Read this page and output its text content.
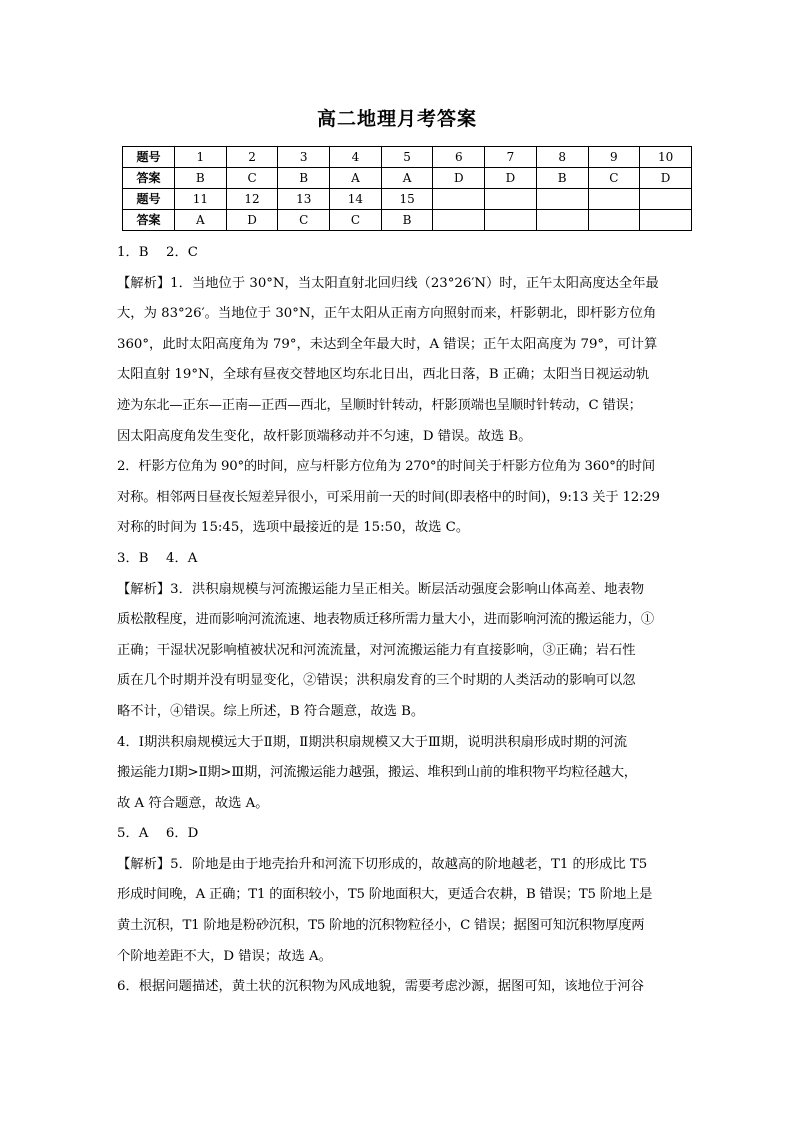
高二地理月考答案
题号	1	2	3	4	5	6	7	8	9	10
答案	B	C	B	A	A	D	D	B	C	D
题号	11	12	13	14	15					
答案	A	D	C	C	B					
1．B　 2．C
【解析】1．当地位于 30°N，当太阳直射北回归线（23°26′N）时，正午太阳高度达全年最
大，为 83°26′。当地位于 30°N，正午太阳从正南方向照射而来，杆影朝北，即杆影方位角
360°，此时太阳高度角为 79°，未达到全年最大时，A 错误；正午太阳高度为 79°，可计算
太阳直射 19°N，全球有昼夜交替地区均东北日出，西北日落，B 正确；太阳当日视运动轨
迹为东北—正东—正南—正西—西北，呈顺时针转动，杆影顶端也呈顺时针转动，C 错误；
因太阳高度角发生变化，故杆影顶端移动并不匀速，D 错误。故选 B。
2．杆影方位角为 90°的时间，应与杆影方位角为 270°的时间关于杆影方位角为 360°的时间
对称。相邻两日昼夜长短差异很小，可采用前一天的时间(即表格中的时间)，9:13 关于 12:29
对称的时间为 15:45，选项中最接近的是 15:50，故选 C。
3．B　 4．A
【解析】3．洪积扇规模与河流搬运能力呈正相关。断层活动强度会影响山体高差、地表物
质松散程度，进而影响河流流速、地表物质迁移所需力量大小，进而影响河流的搬运能力，①
正确；干湿状况影响植被状况和河流流量，对河流搬运能力有直接影响，③正确；岩石性
质在几个时期并没有明显变化，②错误；洪积扇发育的三个时期的人类活动的影响可以忽
略不计，④错误。综上所述，B 符合题意，故选 B。
4．Ⅰ期洪积扇规模远大于Ⅱ期，Ⅱ期洪积扇规模又大于Ⅲ期，说明洪积扇形成时期的河流
搬运能力Ⅰ期>Ⅱ期>Ⅲ期，河流搬运能力越强，搬运、堆积到山前的堆积物平均粒径越大，
故 A 符合题意，故选 A。
5．A　 6．D
【解析】5．阶地是由于地壳抬升和河流下切形成的，故越高的阶地越老，T1 的形成比 T5
形成时间晚，A 正确；T1 的面积较小，T5 阶地面积大，更适合农耕，B 错误；T5 阶地上是
黄土沉积，T1 阶地是粉砂沉积，T5 阶地的沉积物粒径小，C 错误；据图可知沉积物厚度两
个阶地差距不大，D 错误；故选 A。
6．根据问题描述，黄土状的沉积物为风成地貌，需要考虑沙源，据图可知，该地位于河谷
